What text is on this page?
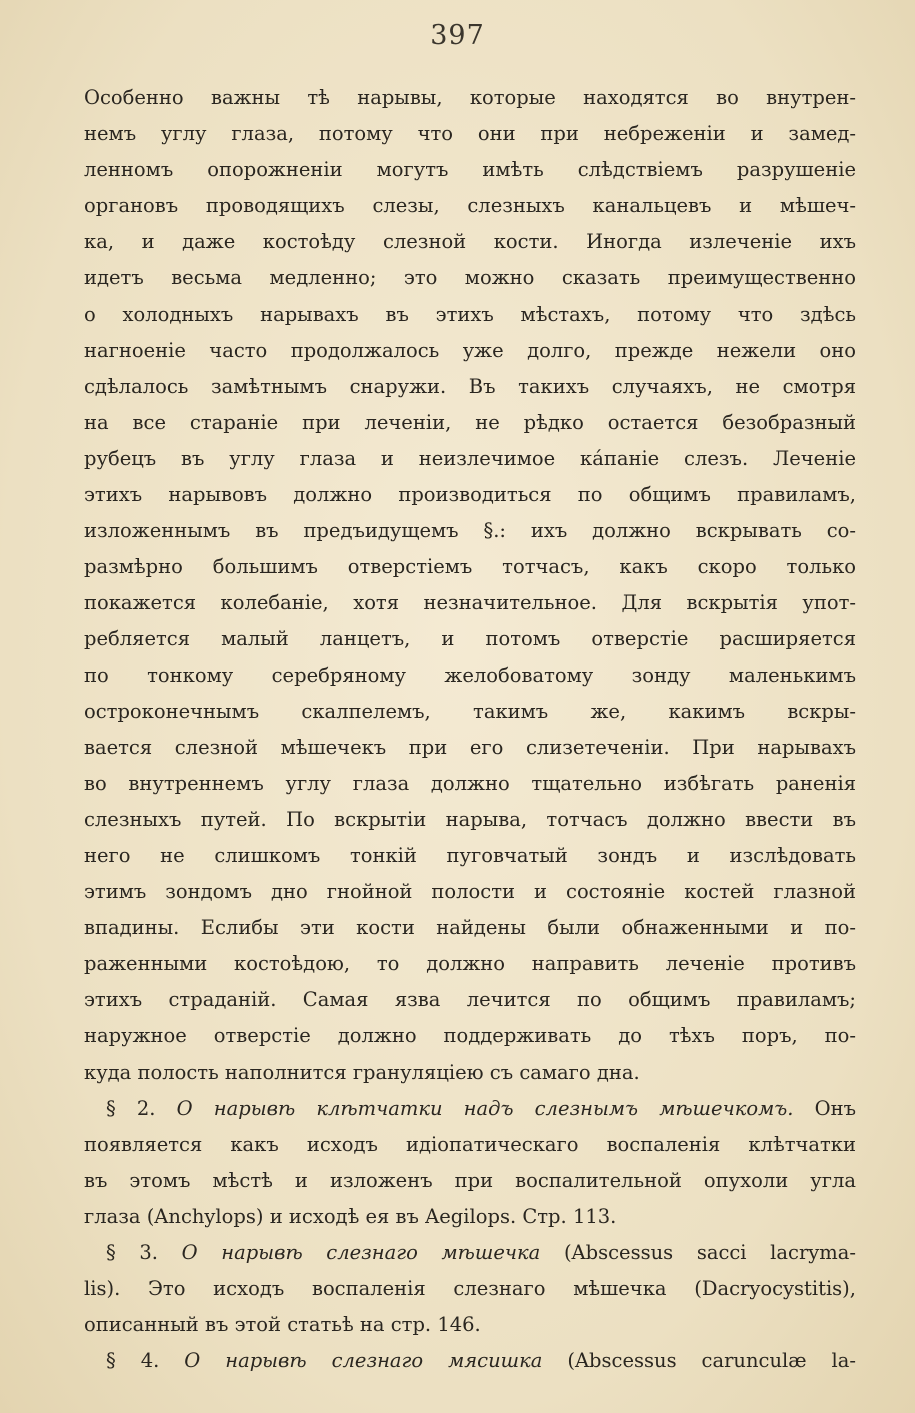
397
Особенно важны тѣ нарывы, которые находятся во внутрен-
немъ углу глаза, потому что они при небреженіи и замед-
ленномъ опорожненіи могутъ имѣть слѣдствіемъ разрушеніе
органовъ проводящихъ слезы, слезныхъ канальцевъ и мѣшеч-
ка, и даже костоѣду слезной кости. Иногда излеченіе ихъ
идетъ весьма медленно; это можно сказать преимущественно
о холодныхъ нарывахъ въ этихъ мѣстахъ, потому что здѣсь
нагноеніе часто продолжалось уже долго, прежде нежели оно
сдѣлалось замѣтнымъ снаружи. Въ такихъ случаяхъ, не смотря
на все стараніе при леченіи, не рѣдко остается безобразный
рубецъ въ углу глаза и неизлечимое кáпаніе слезъ. Леченіе
этихъ нарывовъ должно производиться по общимъ правиламъ,
изложеннымъ въ предъидущемъ §.: ихъ должно вскрывать со-
размѣрно большимъ отверстіемъ тотчасъ, какъ скоро только
покажется колебаніе, хотя незначительное. Для вскрытія упот-
ребляется малый ланцетъ, и потомъ отверстіе расширяется
по тонкому серебряному желобоватому зонду маленькимъ
остроконечнымъ скалпелемъ, такимъ же, какимъ вскры-
вается слезной мѣшечекъ при его слизетеченіи. При нарывахъ
во внутреннемъ углу глаза должно тщательно избѣгать раненія
слезныхъ путей. По вскрытіи нарыва, тотчасъ должно ввести въ
него не слишкомъ тонкій пуговчатый зондъ и изслѣдовать
этимъ зондомъ дно гнойной полости и состояніе костей глазной
впадины. Еслибы эти кости найдены были обнаженными и по-
раженными костоѣдою, то должно направить леченіе противъ
этихъ страданій. Самая язва лечится по общимъ правиламъ;
наружное отверстіе должно поддерживать до тѣхъ поръ, по-
куда полость наполнится грануляціею съ самаго дна.
§ 2. О нарывѣ клѣтчатки надъ слезнымъ мѣшечкомъ. Онъ
появляется какъ исходъ идіопатическаго воспаленія клѣтчатки
въ этомъ мѣстѣ и изложенъ при воспалительной опухоли угла
глаза (Anchylops) и исходѣ ея въ Aegilops. Стр. 113.
§ 3. О нарывѣ слезнаго мѣшечка (Abscessus sacci lacryma-
lis). Это исходъ воспаленія слезнаго мѣшечка (Dacryocystitis),
описанный въ этой статьѣ на стр. 146.
§ 4. О нарывѣ слезнаго мясишка (Abscessus carunculæ la-
